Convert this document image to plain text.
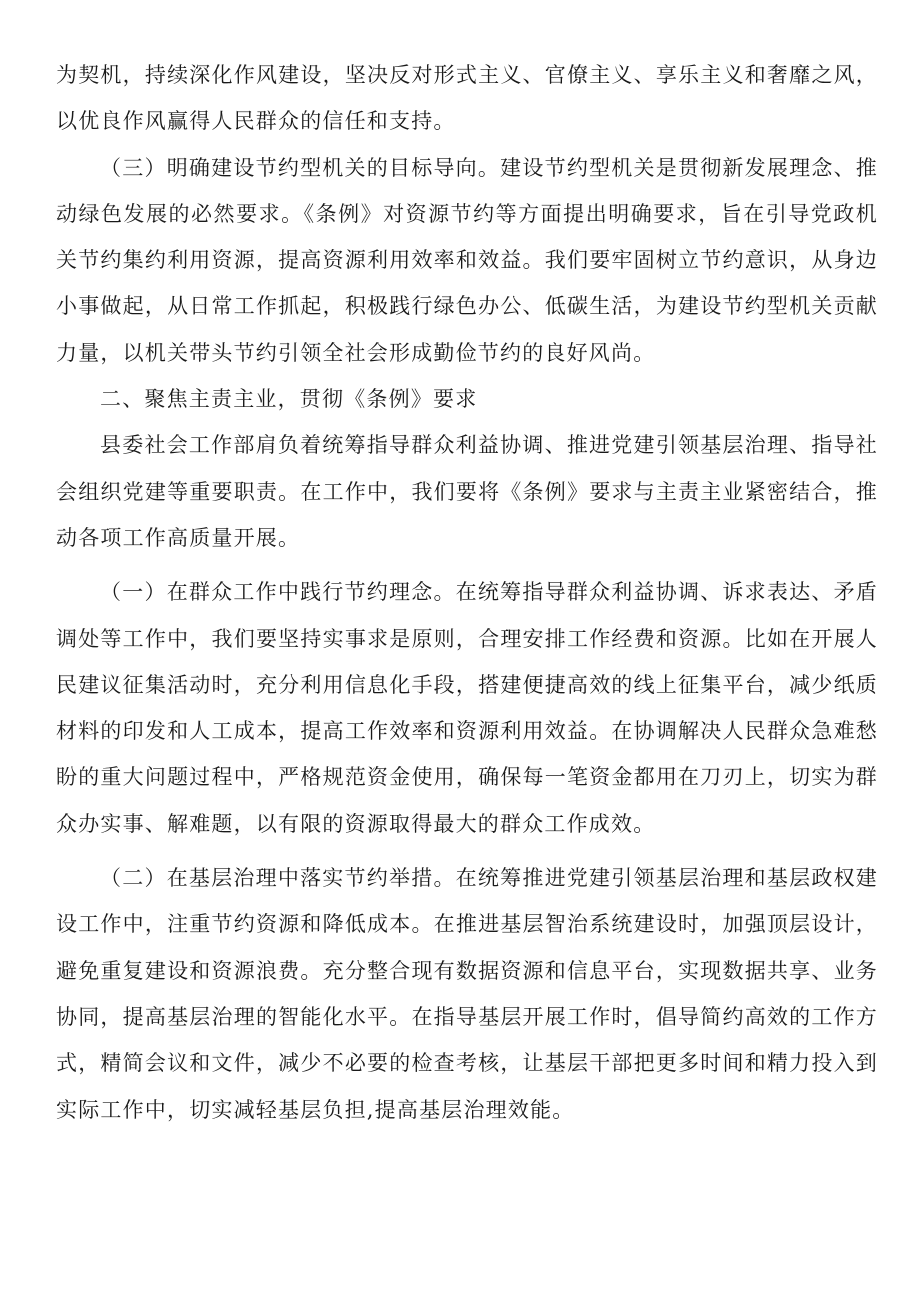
为契机，持续深化作风建设，坚决反对形式主义、官僚主义、享乐主义和奢靡之风，以优良作风赢得人民群众的信任和支持。

（三）明确建设节约型机关的目标导向。建设节约型机关是贯彻新发展理念、推动绿色发展的必然要求。《条例》对资源节约等方面提出明确要求，旨在引导党政机关节约集约利用资源，提高资源利用效率和效益。我们要牢固树立节约意识，从身边小事做起，从日常工作抓起，积极践行绿色办公、低碳生活，为建设节约型机关贡献力量，以机关带头节约引领全社会形成勤俭节约的良好风尚。

二、聚焦主责主业，贯彻《条例》要求

县委社会工作部肩负着统筹指导群众利益协调、推进党建引领基层治理、指导社会组织党建等重要职责。在工作中，我们要将《条例》要求与主责主业紧密结合，推动各项工作高质量开展。

（一）在群众工作中践行节约理念。在统筹指导群众利益协调、诉求表达、矛盾调处等工作中，我们要坚持实事求是原则，合理安排工作经费和资源。比如在开展人民建议征集活动时，充分利用信息化手段，搭建便捷高效的线上征集平台，减少纸质材料的印发和人工成本，提高工作效率和资源利用效益。在协调解决人民群众急难愁盼的重大问题过程中，严格规范资金使用，确保每一笔资金都用在刀刃上，切实为群众办实事、解难题，以有限的资源取得最大的群众工作成效。

（二）在基层治理中落实节约举措。在统筹推进党建引领基层治理和基层政权建设工作中，注重节约资源和降低成本。在推进基层智治系统建设时，加强顶层设计，避免重复建设和资源浪费。充分整合现有数据资源和信息平台，实现数据共享、业务协同，提高基层治理的智能化水平。在指导基层开展工作时，倡导简约高效的工作方式，精简会议和文件，减少不必要的检查考核，让基层干部把更多时间和精力投入到实际工作中，切实减轻基层负担,提高基层治理效能。
